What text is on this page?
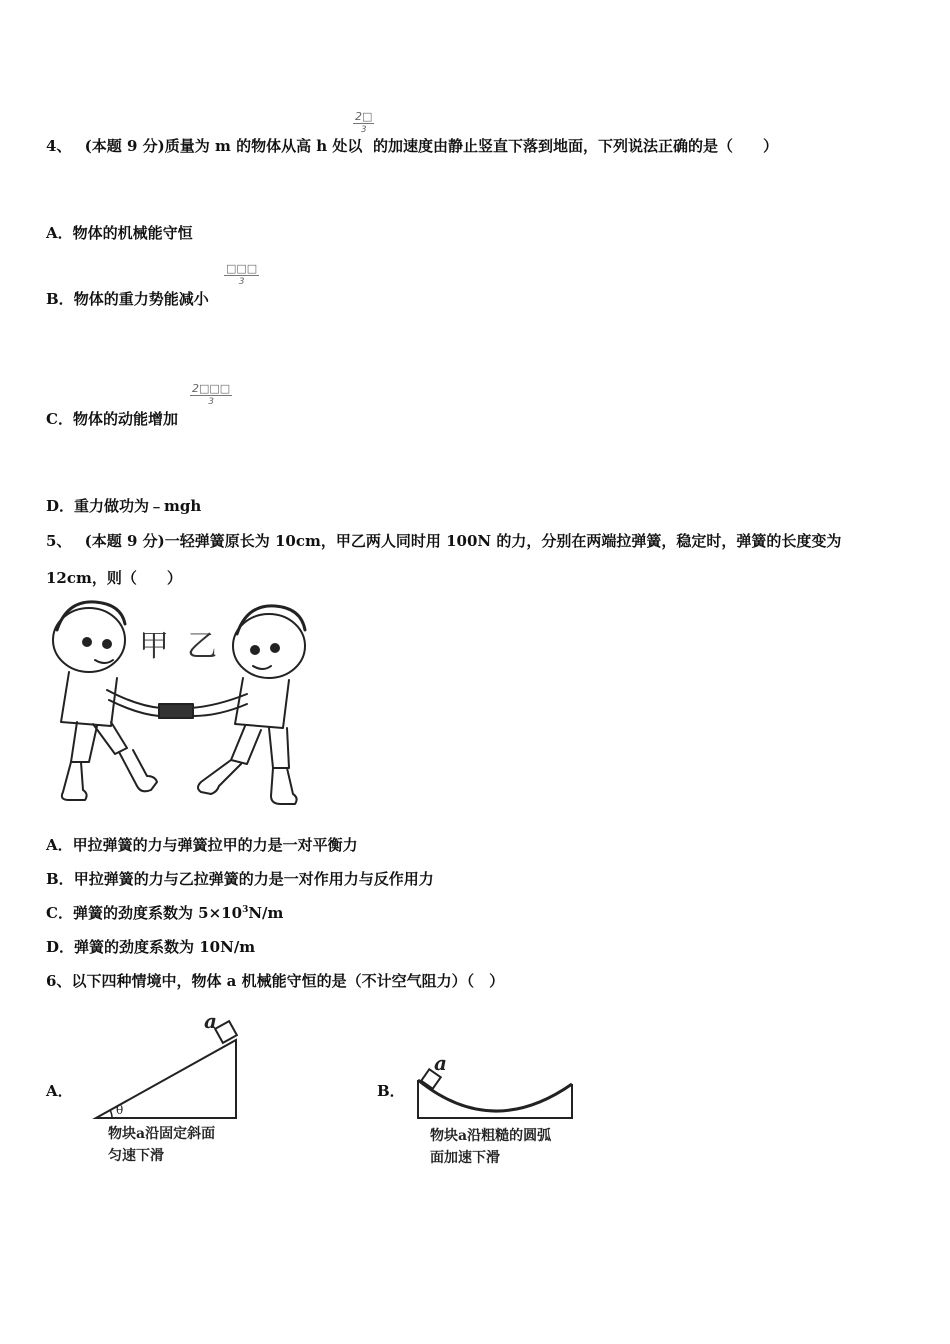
4、 (本题 9 分)质量为 m 的物体从高 h 处以
2□
3
的加速度由静止竖直下落到地面，下列说法正确的是（　　）
A．物体的机械能守恒
B．物体的重力势能减小
□□□
3
C．物体的动能增加
2□□□
3
D．重力做功为﹣mgh
5、 (本题 9 分)一轻弹簧原长为 10cm，甲乙两人同时用 100N 的力，分别在两端拉弹簧，稳定时，弹簧的长度变为
12cm，则（　　）
甲 乙
A．甲拉弹簧的力与弹簧拉甲的力是一对平衡力
B．甲拉弹簧的力与乙拉弹簧的力是一对作用力与反作用力
C．弹簧的劲度系数为 $5\times 10^3N/m$
D．弹簧的劲度系数为 10N/m
6、以下四种情境中，物体 a 机械能守恒的是（不计空气阻力）（　）
A．
a
θ
物块a沿固定斜面
匀速下滑
B．
a
物块a沿粗糙的圆弧
面加速下滑
